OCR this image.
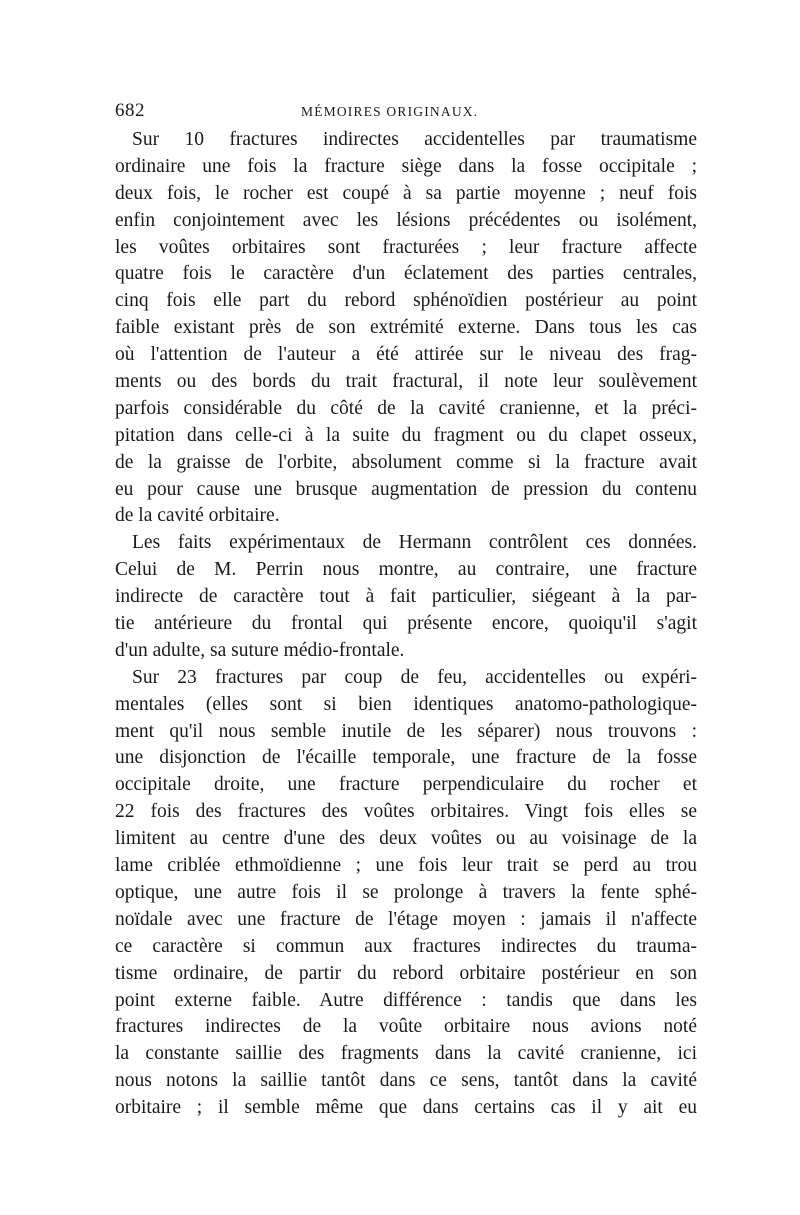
682	MÉMOIRES ORIGINAUX.
Sur 10 fractures indirectes accidentelles par traumatisme
ordinaire une fois la fracture siège dans la fosse occipitale ;
deux fois, le rocher est coupé à sa partie moyenne ; neuf fois
enfin conjointement avec les lésions précédentes ou isolément,
les voûtes orbitaires sont fracturées ; leur fracture affecte
quatre fois le caractère d'un éclatement des parties centrales,
cinq fois elle part du rebord sphénoïdien postérieur au point
faible existant près de son extrémité externe. Dans tous les cas
où l'attention de l'auteur a été attirée sur le niveau des frag-
ments ou des bords du trait fractural, il note leur soulèvement
parfois considérable du côté de la cavité cranienne, et la préci-
pitation dans celle-ci à la suite du fragment ou du clapet osseux,
de la graisse de l'orbite, absolument comme si la fracture avait
eu pour cause une brusque augmentation de pression du contenu
de la cavité orbitaire.
Les faits expérimentaux de Hermann contrôlent ces données.
Celui de M. Perrin nous montre, au contraire, une fracture
indirecte de caractère tout à fait particulier, siégeant à la par-
tie antérieure du frontal qui présente encore, quoiqu'il s'agit
d'un adulte, sa suture médio-frontale.
Sur 23 fractures par coup de feu, accidentelles ou expéri-
mentales (elles sont si bien identiques anatomo-pathologique-
ment qu'il nous semble inutile de les séparer) nous trouvons :
une disjonction de l'écaille temporale, une fracture de la fosse
occipitale droite, une fracture perpendiculaire du rocher et
22 fois des fractures des voûtes orbitaires. Vingt fois elles se
limitent au centre d'une des deux voûtes ou au voisinage de la
lame criblée ethmoïdienne ; une fois leur trait se perd au trou
optique, une autre fois il se prolonge à travers la fente sphé-
noïdale avec une fracture de l'étage moyen : jamais il n'affecte
ce caractère si commun aux fractures indirectes du trauma-
tisme ordinaire, de partir du rebord orbitaire postérieur en son
point externe faible. Autre différence : tandis que dans les
fractures indirectes de la voûte orbitaire nous avions noté
la constante saillie des fragments dans la cavité cranienne, ici
nous notons la saillie tantôt dans ce sens, tantôt dans la cavité
orbitaire ; il semble même que dans certains cas il y ait eu
